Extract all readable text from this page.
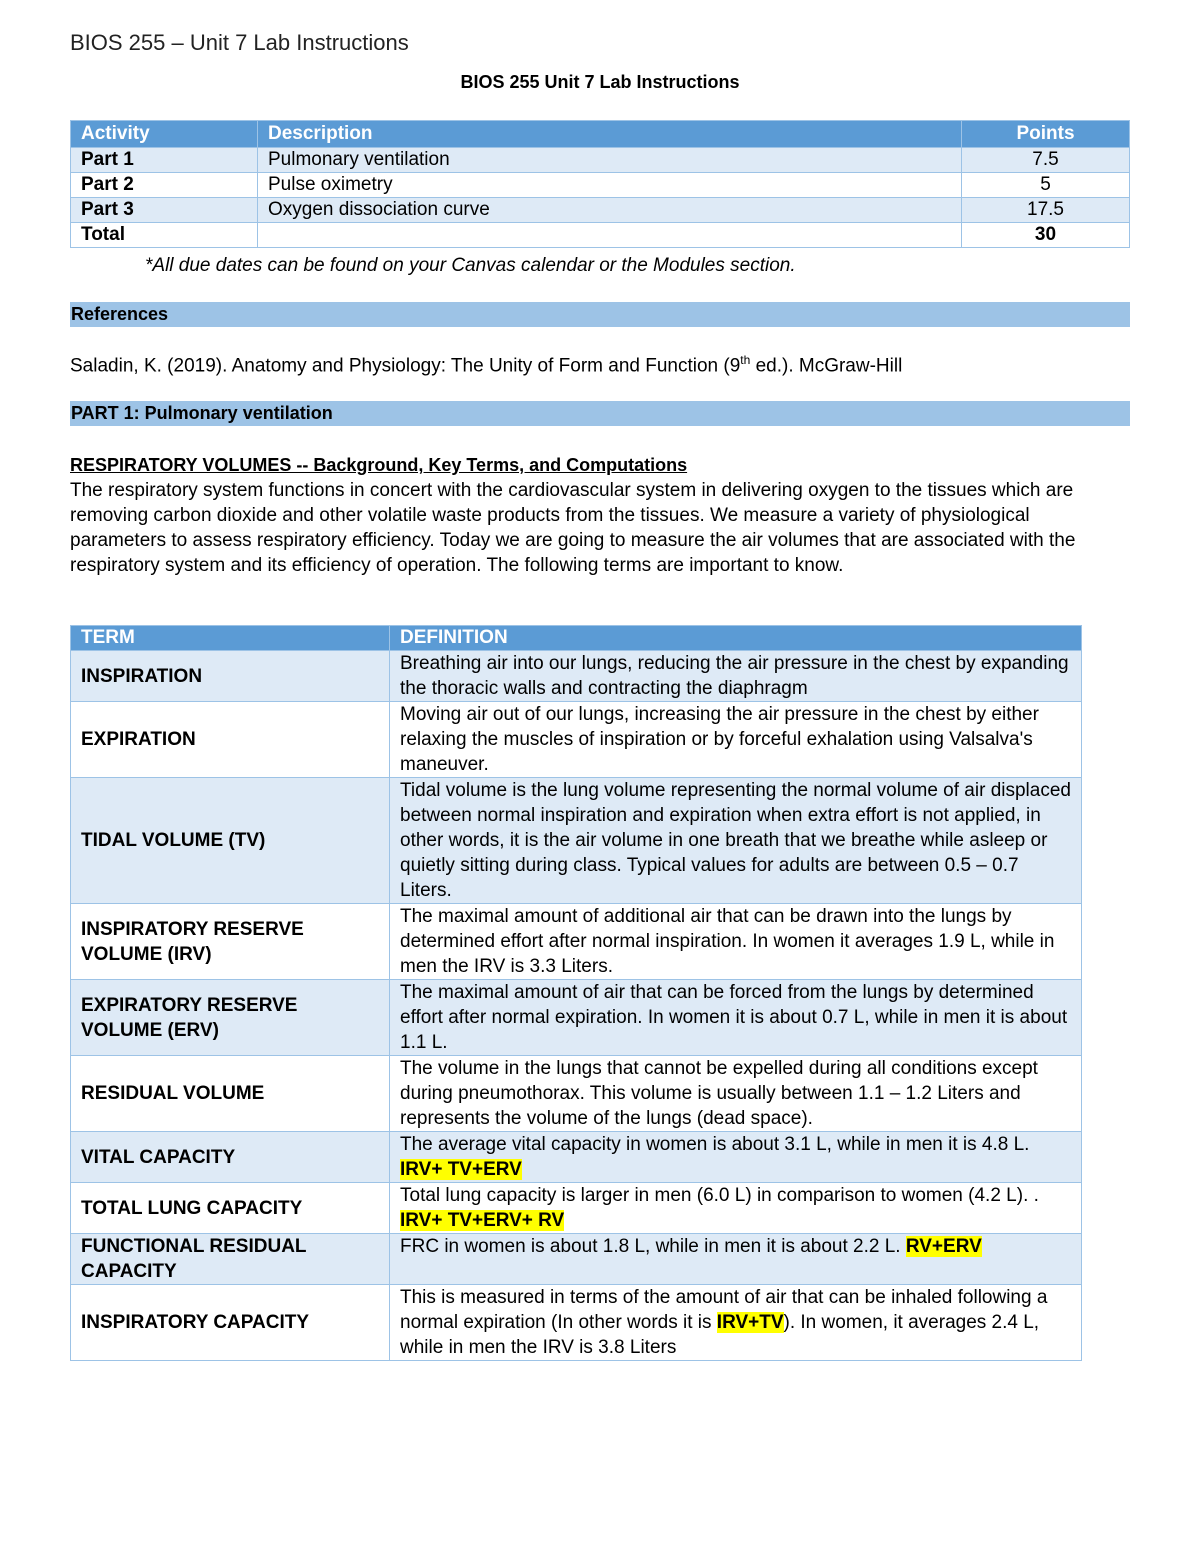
BIOS 255 – Unit 7 Lab Instructions
BIOS 255 Unit 7 Lab Instructions
Activity	Description	Points
Part 1	Pulmonary ventilation	7.5
Part 2	Pulse oximetry	5
Part 3	Oxygen dissociation curve	17.5
Total		30
*All due dates can be found on your Canvas calendar or the Modules section.
References
Saladin, K. (2019). Anatomy and Physiology: The Unity of Form and Function (9th ed.). McGraw-Hill
PART 1: Pulmonary ventilation
RESPIRATORY VOLUMES -- Background, Key Terms, and Computations
The respiratory system functions in concert with the cardiovascular system in delivering oxygen to the tissues which are removing carbon dioxide and other volatile waste products from the tissues. We measure a variety of physiological parameters to assess respiratory efficiency. Today we are going to measure the air volumes that are associated with the respiratory system and its efficiency of operation. The following terms are important to know.
TERM	DEFINITION
INSPIRATION	Breathing air into our lungs, reducing the air pressure in the chest by expanding the thoracic walls and contracting the diaphragm
EXPIRATION	Moving air out of our lungs, increasing the air pressure in the chest by either relaxing the muscles of inspiration or by forceful exhalation using Valsalva's maneuver.
TIDAL VOLUME (TV)	Tidal volume is the lung volume representing the normal volume of air displaced between normal inspiration and expiration when extra effort is not applied, in other words, it is the air volume in one breath that we breathe while asleep or quietly sitting during class. Typical values for adults are between 0.5 – 0.7 Liters.
INSPIRATORY RESERVE VOLUME (IRV)	The maximal amount of additional air that can be drawn into the lungs by determined effort after normal inspiration. In women it averages 1.9 L, while in men the IRV is 3.3 Liters.
EXPIRATORY RESERVE VOLUME (ERV)	The maximal amount of air that can be forced from the lungs by determined effort after normal expiration. In women it is about 0.7 L, while in men it is about 1.1 L.
RESIDUAL VOLUME	The volume in the lungs that cannot be expelled during all conditions except during pneumothorax. This volume is usually between 1.1 – 1.2 Liters and represents the volume of the lungs (dead space).
VITAL CAPACITY	The average vital capacity in women is about 3.1 L, while in men it is 4.8 L. IRV+ TV+ERV
TOTAL LUNG CAPACITY	Total lung capacity is larger in men (6.0 L) in comparison to women (4.2 L). . IRV+ TV+ERV+ RV
FUNCTIONAL RESIDUAL CAPACITY	FRC in women is about 1.8 L, while in men it is about 2.2 L. RV+ERV
INSPIRATORY CAPACITY	This is measured in terms of the amount of air that can be inhaled following a normal expiration (In other words it is IRV+TV). In women, it averages 2.4 L, while in men the IRV is 3.8 Liters
